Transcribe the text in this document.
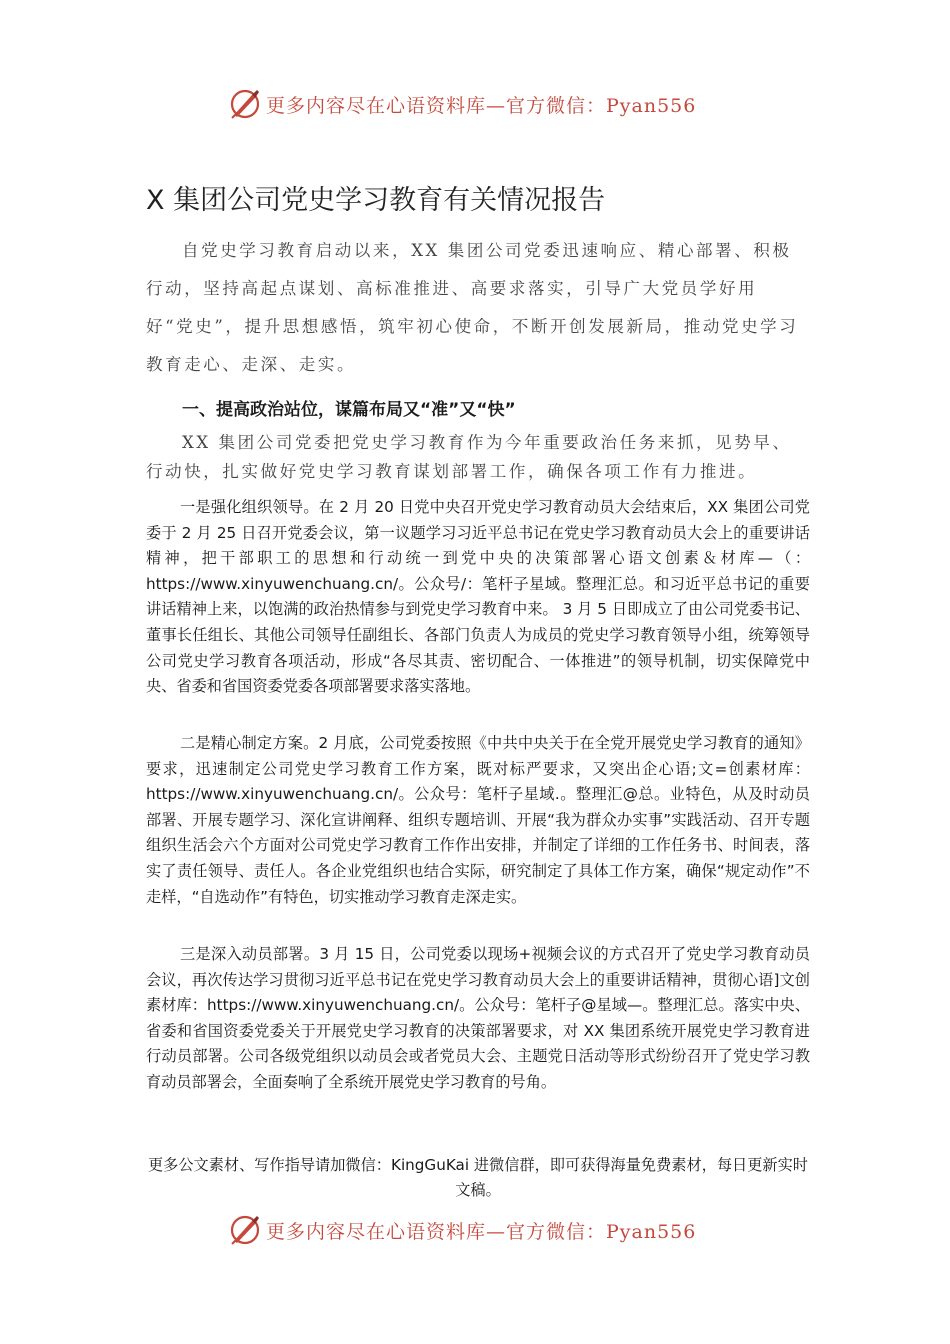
更多内容尽在心语资料库—官方微信：Pyan556
X 集团公司党史学习教育有关情况报告

自党史学习教育启动以来，XX 集团公司党委迅速响应、精心部署、积极行动，坚持高起点谋划、高标准推进、高要求落实，引导广大党员学好用好“党史”，提升思想感悟，筑牢初心使命，不断开创发展新局，推动党史学习教育走心、走深、走实。

一、提高政治站位，谋篇布局又“准”又“快”

XX 集团公司党委把党史学习教育作为今年重要政治任务来抓，见势早、行动快，扎实做好党史学习教育谋划部署工作，确保各项工作有力推进。

一是强化组织领导。在 2 月 20 日党中央召开党史学习教育动员大会结束后，XX 集团公司党委于 2 月 25 日召开党委会议，第一议题学习习近平总书记在党史学习教育动员大会上的重要讲话精神，把干部职工的思想和行动统一到党中央的决策部署心语文创素＆材库—（：https://www.xinyuwenchuang.cn/。公众号/：笔杆子星域。整理汇总。和习近平总书记的重要讲话精神上来，以饱满的政治热情参与到党史学习教育中来。 3 月 5 日即成立了由公司党委书记、董事长任组长、其他公司领导任副组长、各部门负责人为成员的党史学习教育领导小组，统筹领导公司党史学习教育各项活动，形成“各尽其责、密切配合、一体推进”的领导机制，切实保障党中央、省委和省国资委党委各项部署要求落实落地。

二是精心制定方案。2 月底，公司党委按照《中共中央关于在全党开展党史学习教育的通知》要求，迅速制定公司党史学习教育工作方案，既对标严要求，又突出企心语;文=创素材库：https://www.xinyuwenchuang.cn/。公众号：笔杆子星域.。整理汇@总。业特色，从及时动员部署、开展专题学习、深化宣讲阐释、组织专题培训、开展“我为群众办实事”实践活动、召开专题组织生活会六个方面对公司党史学习教育工作作出安排，并制定了详细的工作任务书、时间表，落实了责任领导、责任人。各企业党组织也结合实际，研究制定了具体工作方案，确保“规定动作”不走样，“自选动作”有特色，切实推动学习教育走深走实。

三是深入动员部署。3 月 15 日，公司党委以现场+视频会议的方式召开了党史学习教育动员会议，再次传达学习贯彻习近平总书记在党史学习教育动员大会上的重要讲话精神，贯彻心语]文创素材库：https://www.xinyuwenchuang.cn/。公众号：笔杆子@星域—。整理汇总。落实中央、省委和省国资委党委关于开展党史学习教育的决策部署要求，对 XX 集团系统开展党史学习教育进行动员部署。公司各级党组织以动员会或者党员大会、主题党日活动等形式纷纷召开了党史学习教育动员部署会，全面奏响了全系统开展党史学习教育的号角。

更多公文素材、写作指导请加微信：KingGuKai 进微信群，即可获得海量免费素材，每日更新实时文稿。

更多内容尽在心语资料库—官方微信：Pyan556
